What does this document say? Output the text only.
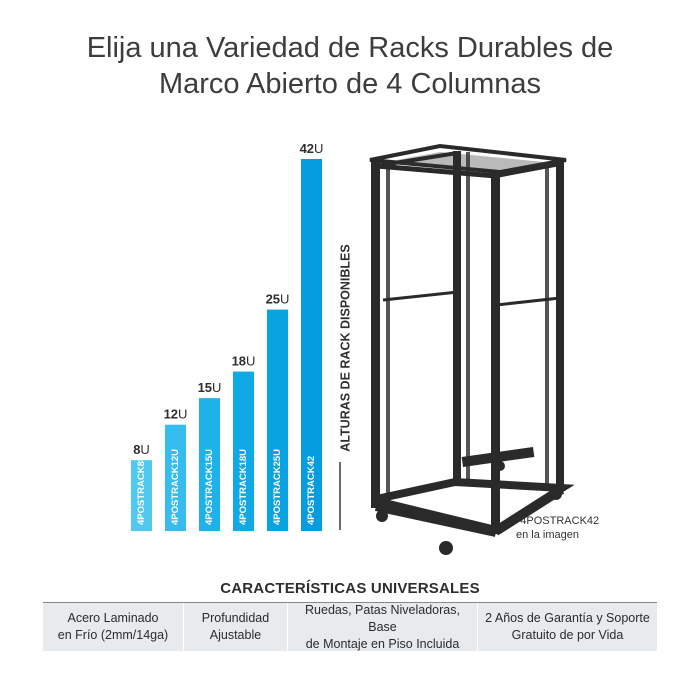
Elija una Variedad de Racks Durables de
Marco Abierto de 4 Columnas
8U
4POSTRACK8U
12U
4POSTRACK12U
15U
4POSTRACK15U
18U
4POSTRACK18U
25U
4POSTRACK25U
42U
4POSTRACK42
ALTURAS DE RACK DISPONIBLES
*4POSTRACK42
en la imagen
CARACTERÍSTICAS UNIVERSALES
Acero Laminado
en Frío (2mm/14ga)
Profundidad
Ajustable
Ruedas, Patas Niveladoras, Base
de Montaje en Piso Incluida
2 Años de Garantía y Soporte
Gratuito de por Vida
